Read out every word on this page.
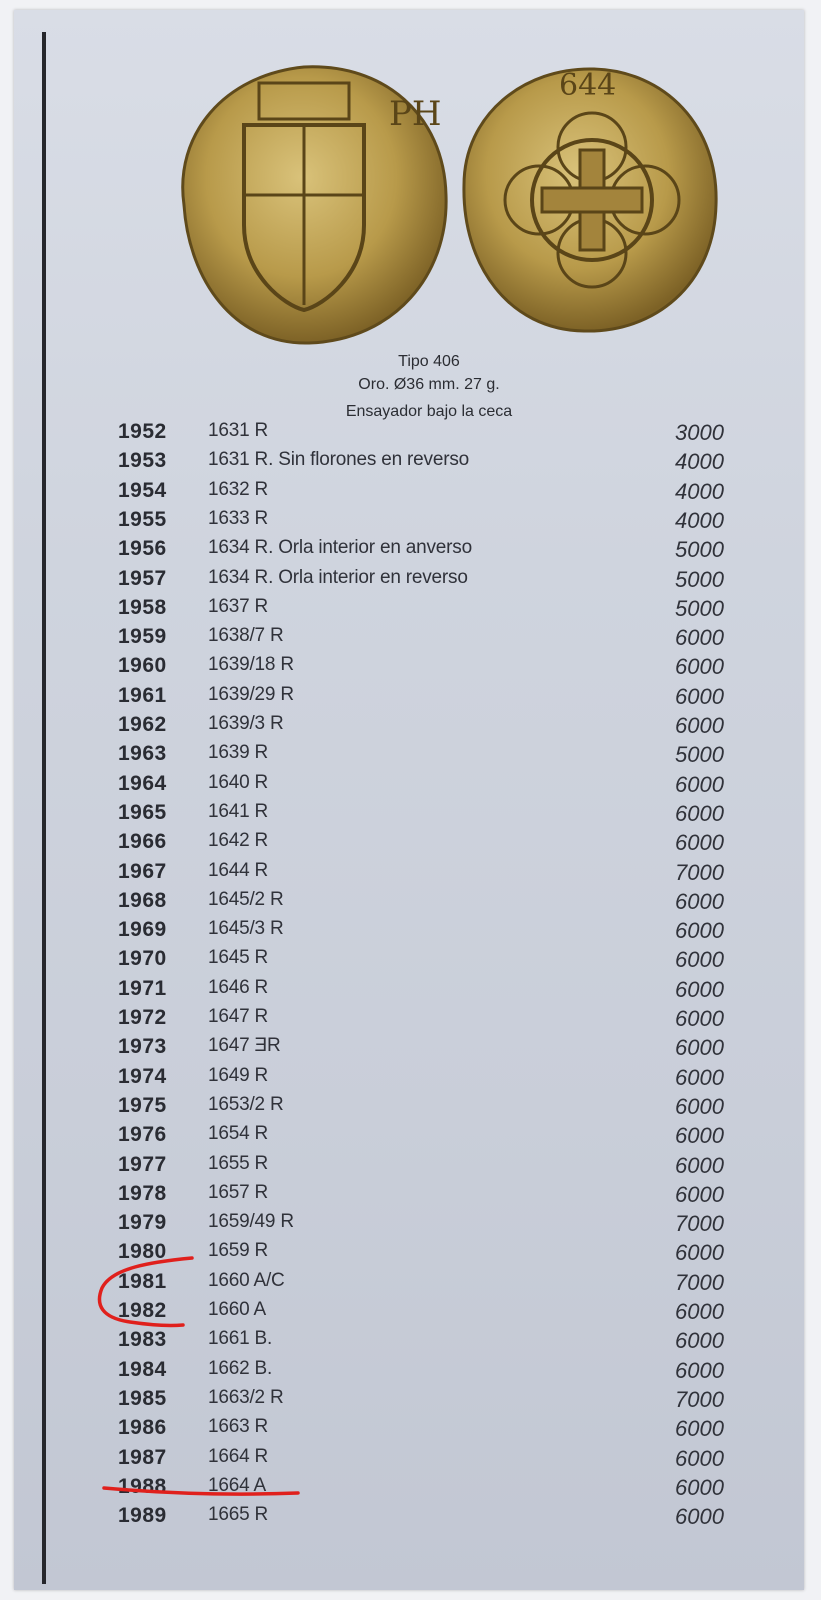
PH
644
Tipo 406
Oro. Ø36 mm. 27 g.
Ensayador bajo la ceca
1952 1631 R	3000
1953 1631 R. Sin florones en reverso	4000
1954 1632 R	4000
1955 1633 R	4000
1956 1634 R. Orla interior en anverso	5000
1957 1634 R. Orla interior en reverso	5000
1958 1637 R	5000
1959 1638/7 R	6000
1960 1639/18 R	6000
1961 1639/29 R	6000
1962 1639/3 R	6000
1963 1639 R	5000
1964 1640 R	6000
1965 1641 R	6000
1966 1642 R	6000
1967 1644 R	7000
1968 1645/2 R	6000
1969 1645/3 R	6000
1970 1645 R	6000
1971 1646 R	6000
1972 1647 R	6000
1973 1647 ƎR	6000
1974 1649 R	6000
1975 1653/2 R	6000
1976 1654 R	6000
1977 1655 R	6000
1978 1657 R	6000
1979 1659/49 R	7000
1980 1659 R	6000
1981 1660 A/C	7000
1982 1660 A	6000
1983 1661 B.	6000
1984 1662 B.	6000
1985 1663/2 R	7000
1986 1663 R	6000
1987 1664 R	6000
1988 1664 A	6000
1989 1665 R	6000
